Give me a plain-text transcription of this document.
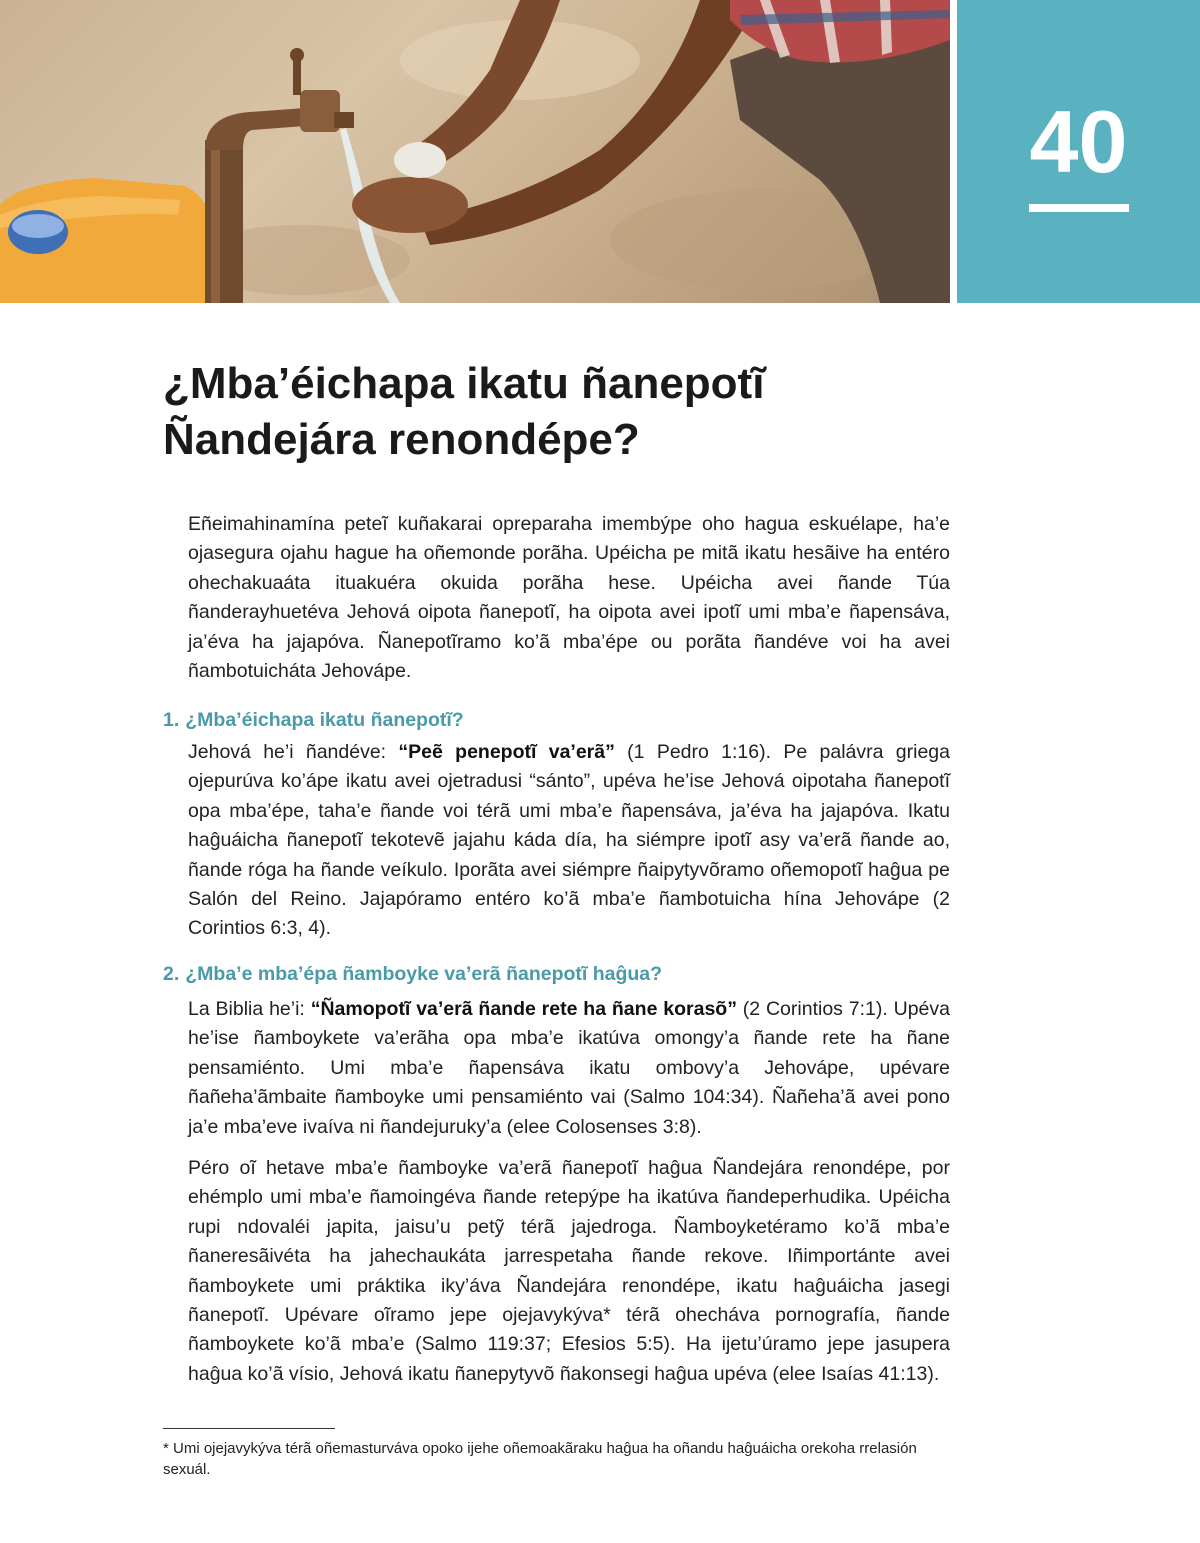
40
¿Mba’éichapa ikatu ñanepotĩ
Ñandejára renondépe?

Eñeimahinamína peteĩ kuñakarai opreparaha imembýpe oho hagua eskuélape, ha’e ojasegura ojahu hague ha oñemonde porãha. Upéicha pe mitã ikatu hesãive ha entéro ohechakuaáta ituakuéra okuida porãha hese. Upéicha avei ñande Túa ñanderayhuetéva Jehová oipota ñanepotĩ, ha oipota avei ipotĩ umi mba’e ñapensáva, ja’éva ha jajapóva. Ñanepotĩramo ko’ã mba’épe ou porãta ñandéve voi ha avei ñambotuicháta Jehovápe.

1. ¿Mba’éichapa ikatu ñanepotĩ?

Jehová he’i ñandéve: “Peẽ penepotĩ va’erã” (1 Pedro 1:16). Pe palávra griega ojepurúva ko’ápe ikatu avei ojetradusi “sánto”, upéva he’ise Jehová oipotaha ñanepotĩ opa mba’épe, taha’e ñande voi térã umi mba’e ñapensáva, ja’éva ha jajapóva. Ikatu haĝuáicha ñanepotĩ tekotevẽ jajahu káda día, ha siémpre ipotĩ asy va’erã ñande ao, ñande róga ha ñande veíkulo. Iporãta avei siémpre ñaipytyvõramo oñemopotĩ haĝua pe Salón del Reino. Jajapóramo entéro ko’ã mba’e ñambotuicha hína Jehovápe (2 Corintios 6:3, 4).

2. ¿Mba’e mba’épa ñamboyke va’erã ñanepotĩ haĝua?

La Biblia he’i: “Ñamopotĩ va’erã ñande rete ha ñane korasõ” (2 Corintios 7:1). Upéva he’ise ñamboykete va’erãha opa mba’e ikatúva omongy’a ñande rete ha ñane pensamiénto. Umi mba’e ñapensáva ikatu ombovy’a Jehovápe, upévare ñañeha’ãmbaite ñamboyke umi pensamiénto vai (Salmo 104:34). Ñañeha’ã avei pono ja’e mba’eve ivaíva ni ñandejuruky’a (elee Colosenses 3:8).

Péro oĩ hetave mba’e ñamboyke va’erã ñanepotĩ haĝua Ñandejára renondépe, por ehémplo umi mba’e ñamoingéva ñande retepýpe ha ikatúva ñandeperhudika. Upéicha rupi ndovaléi japita, jaisu’u petỹ térã jajedroga. Ñamboyketéramo ko’ã mba’e ñaneresãivéta ha jahechaukáta jarrespetaha ñande rekove. Iñimportánte avei ñamboykete umi práktika iky’áva Ñandejára renondépe, ikatu haĝuáicha jasegi ñanepotĩ. Upévare oĩramo jepe ojejavykýva* térã ohecháva pornografía, ñande ñamboykete ko’ã mba’e (Salmo 119:37; Efesios 5:5). Ha ijetu’úramo jepe jasupera haĝua ko’ã vísio, Jehová ikatu ñanepytyvõ ñakonsegi haĝua upéva (elee Isaías 41:13).

* Umi ojejavykýva térã oñemasturváva opoko ijehe oñemoakãraku haĝua ha oñandu haĝuáicha orekoha rrelasión sexuál.
